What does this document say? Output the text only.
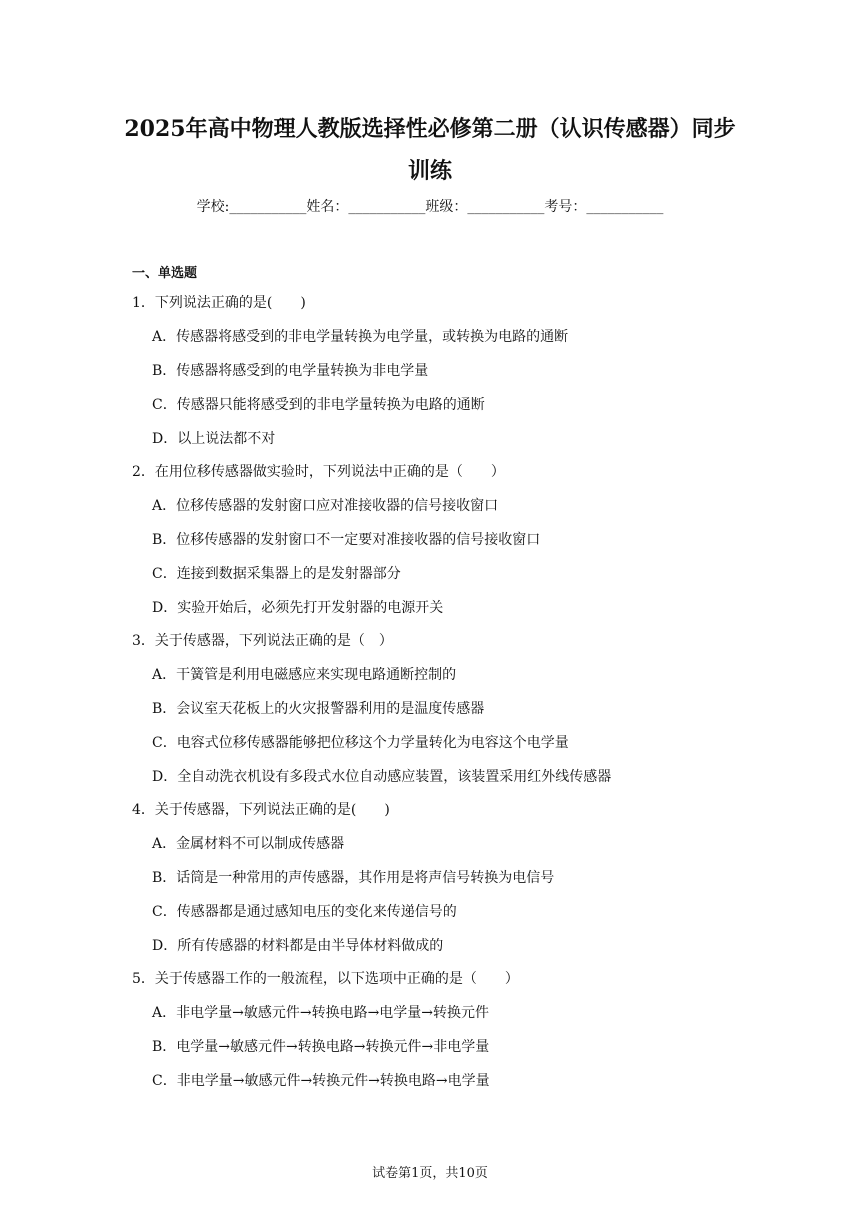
2025年高中物理人教版选择性必修第二册（认识传感器）同步
训练
学校:___________姓名：___________班级：___________考号：___________
一、单选题
1．下列说法正确的是(　　)
A．传感器将感受到的非电学量转换为电学量，或转换为电路的通断
B．传感器将感受到的电学量转换为非电学量
C．传感器只能将感受到的非电学量转换为电路的通断
D．以上说法都不对
2．在用位移传感器做实验时，下列说法中正确的是（　　）
A．位移传感器的发射窗口应对准接收器的信号接收窗口
B．位移传感器的发射窗口不一定要对准接收器的信号接收窗口
C．连接到数据采集器上的是发射器部分
D．实验开始后，必须先打开发射器的电源开关
3．关于传感器，下列说法正确的是（　）
A．干簧管是利用电磁感应来实现电路通断控制的
B．会议室天花板上的火灾报警器利用的是温度传感器
C．电容式位移传感器能够把位移这个力学量转化为电容这个电学量
D．全自动洗衣机设有多段式水位自动感应装置，该装置采用红外线传感器
4．关于传感器，下列说法正确的是(　　)
A．金属材料不可以制成传感器
B．话筒是一种常用的声传感器，其作用是将声信号转换为电信号
C．传感器都是通过感知电压的变化来传递信号的
D．所有传感器的材料都是由半导体材料做成的
5．关于传感器工作的一般流程，以下选项中正确的是（　　）
A．非电学量→敏感元件→转换电路→电学量→转换元件
B．电学量→敏感元件→转换电路→转换元件→非电学量
C．非电学量→敏感元件→转换元件→转换电路→电学量
试卷第1页，共10页
